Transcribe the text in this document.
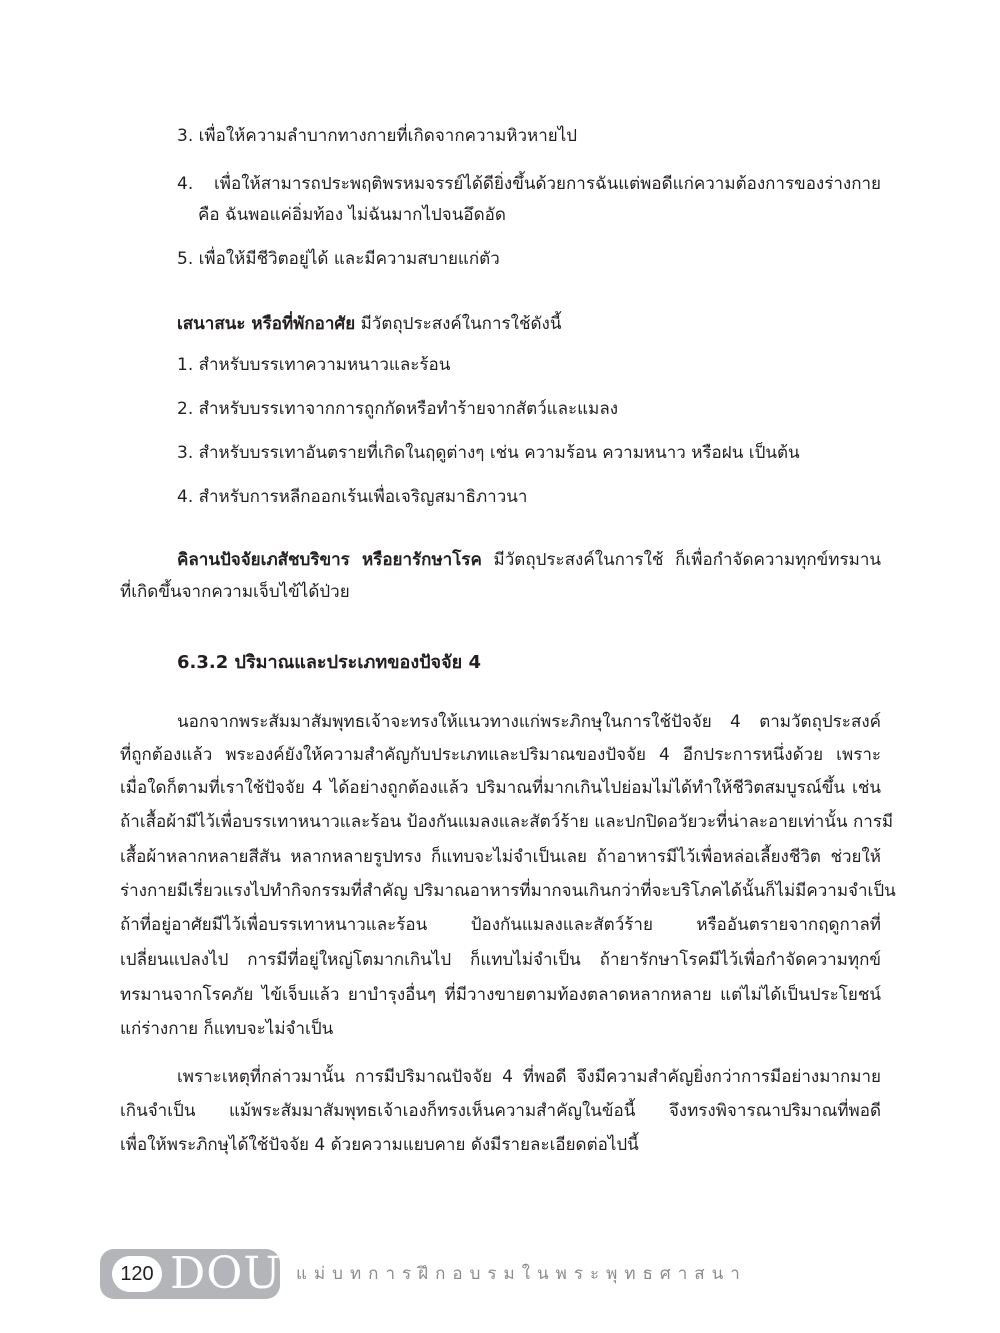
3. เพื่อให้ความลำบากทางกายที่เกิดจากความหิวหายไป

4. เพื่อให้สามารถประพฤติพรหมจรรย์ได้ดียิ่งขึ้นด้วยการฉันแต่พอดีแก่ความต้องการของร่างกาย

คือ ฉันพอแค่อิ่มท้อง ไม่ฉันมากไปจนอึดอัด

5. เพื่อให้มีชีวิตอยู่ได้ และมีความสบายแก่ตัว

เสนาสนะ หรือที่พักอาศัย มีวัตถุประสงค์ในการใช้ดังนี้

1. สำหรับบรรเทาความหนาวและร้อน

2. สำหรับบรรเทาจากการถูกกัดหรือทำร้ายจากสัตว์และแมลง

3. สำหรับบรรเทาอันตรายที่เกิดในฤดูต่างๆ เช่น ความร้อน ความหนาว หรือฝน เป็นต้น

4. สำหรับการหลีกออกเร้นเพื่อเจริญสมาธิภาวนา

คิลานปัจจัยเภสัชบริขาร หรือยารักษาโรค มีวัตถุประสงค์ในการใช้ ก็เพื่อกำจัดความทุกข์ทรมาน

ที่เกิดขึ้นจากความเจ็บไข้ได้ป่วย

6.3.2 ปริมาณและประเภทของปัจจัย 4

นอกจากพระสัมมาสัมพุทธเจ้าจะทรงให้แนวทางแก่พระภิกษุในการใช้ปัจจัย 4 ตามวัตถุประสงค์

ที่ถูกต้องแล้ว พระองค์ยังให้ความสำคัญกับประเภทและปริมาณของปัจจัย 4 อีกประการหนึ่งด้วย เพราะ

เมื่อใดก็ตามที่เราใช้ปัจจัย 4 ได้อย่างถูกต้องแล้ว ปริมาณที่มากเกินไปย่อมไม่ได้ทำให้ชีวิตสมบูรณ์ขึ้น เช่น

ถ้าเสื้อผ้ามีไว้เพื่อบรรเทาหนาวและร้อน ป้องกันแมลงและสัตว์ร้าย และปกปิดอวัยวะที่น่าละอายเท่านั้น การมี

เสื้อผ้าหลากหลายสีสัน หลากหลายรูปทรง ก็แทบจะไม่จำเป็นเลย ถ้าอาหารมีไว้เพื่อหล่อเลี้ยงชีวิต ช่วยให้

ร่างกายมีเรี่ยวแรงไปทำกิจกรรมที่สำคัญ ปริมาณอาหารที่มากจนเกินกว่าที่จะบริโภคได้นั้นก็ไม่มีความจำเป็น

ถ้าที่อยู่อาศัยมีไว้เพื่อบรรเทาหนาวและร้อน ป้องกันแมลงและสัตว์ร้าย หรืออันตรายจากฤดูกาลที่

เปลี่ยนแปลงไป การมีที่อยู่ใหญ่โตมากเกินไป ก็แทบไม่จำเป็น ถ้ายารักษาโรคมีไว้เพื่อกำจัดความทุกข์

ทรมานจากโรคภัย ไข้เจ็บแล้ว ยาบำรุงอื่นๆ ที่มีวางขายตามท้องตลาดหลากหลาย แต่ไม่ได้เป็นประโยชน์

แก่ร่างกาย ก็แทบจะไม่จำเป็น

เพราะเหตุที่กล่าวมานั้น การมีปริมาณปัจจัย 4 ที่พอดี จึงมีความสำคัญยิ่งกว่าการมีอย่างมากมาย

เกินจำเป็น แม้พระสัมมาสัมพุทธเจ้าเองก็ทรงเห็นความสำคัญในข้อนี้ จึงทรงพิจารณาปริมาณที่พอดี

เพื่อให้พระภิกษุได้ใช้ปัจจัย 4 ด้วยความแยบคาย ดังมีรายละเอียดต่อไปนี้

120 DOU แม่บทการฝึกอบรมในพระพุทธศาสนา
